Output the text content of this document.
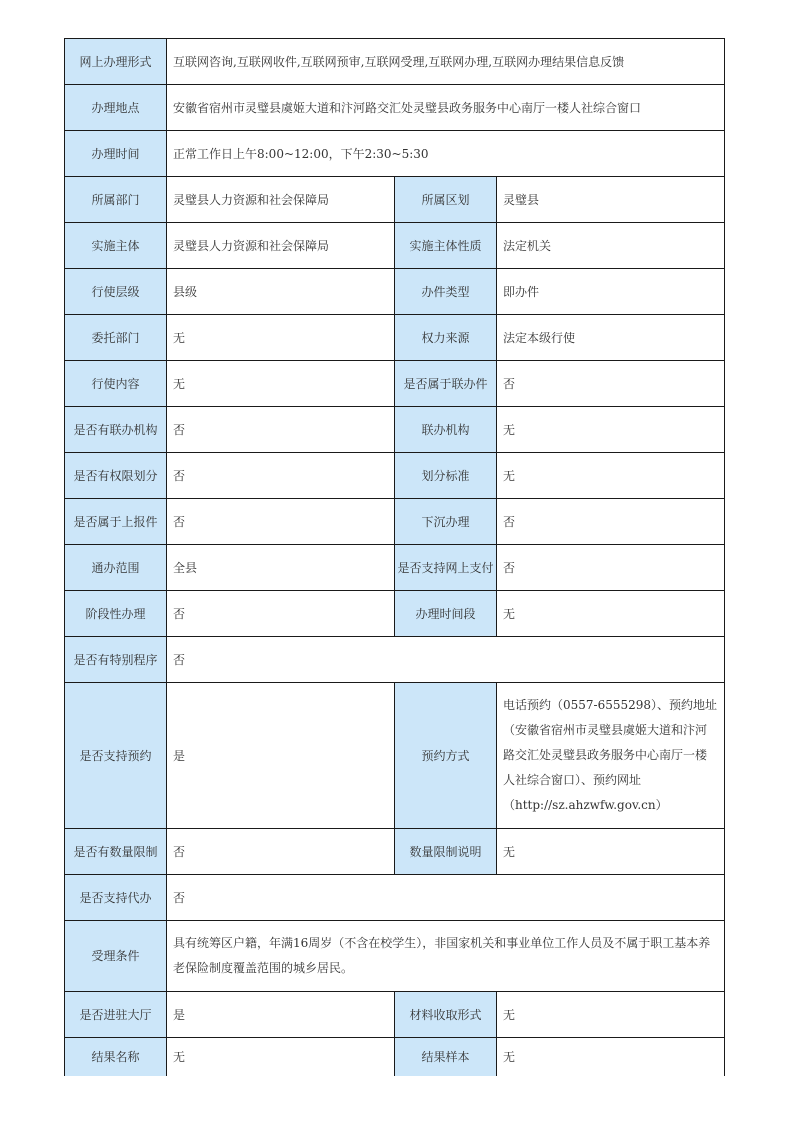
网上办理形式	互联网咨询,互联网收件,互联网预审,互联网受理,互联网办理,互联网办理结果信息反馈		
办理地点	安徽省宿州市灵璧县虞姬大道和汴河路交汇处灵璧县政务服务中心南厅一楼人社综合窗口		
办理时间	正常工作日上午8:00~12:00，下午2:30~5:30		
所属部门	灵璧县人力资源和社会保障局	所属区划	灵璧县
实施主体	灵璧县人力资源和社会保障局	实施主体性质	法定机关
行使层级	县级	办件类型	即办件
委托部门	无	权力来源	法定本级行使
行使内容	无	是否属于联办件	否
是否有联办机构	否	联办机构	无
是否有权限划分	否	划分标准	无
是否属于上报件	否	下沉办理	否
通办范围	全县	是否支持网上支付	否
阶段性办理	否	办理时间段	无
是否有特别程序	否		
是否支持预约	是	预约方式	电话预约（0557-6555298）、预约地址（安徽省宿州市灵璧县虞姬大道和汴河路交汇处灵璧县政务服务中心南厅一楼人社综合窗口）、预约网址（http://sz.ahzwfw.gov.cn）
是否有数量限制	否	数量限制说明	无
是否支持代办	否		
受理条件	具有统筹区户籍，年满16周岁（不含在校学生），非国家机关和事业单位工作人员及不属于职工基本养老保险制度覆盖范围的城乡居民。		
是否进驻大厅	是	材料收取形式	无
结果名称	无	结果样本	无
